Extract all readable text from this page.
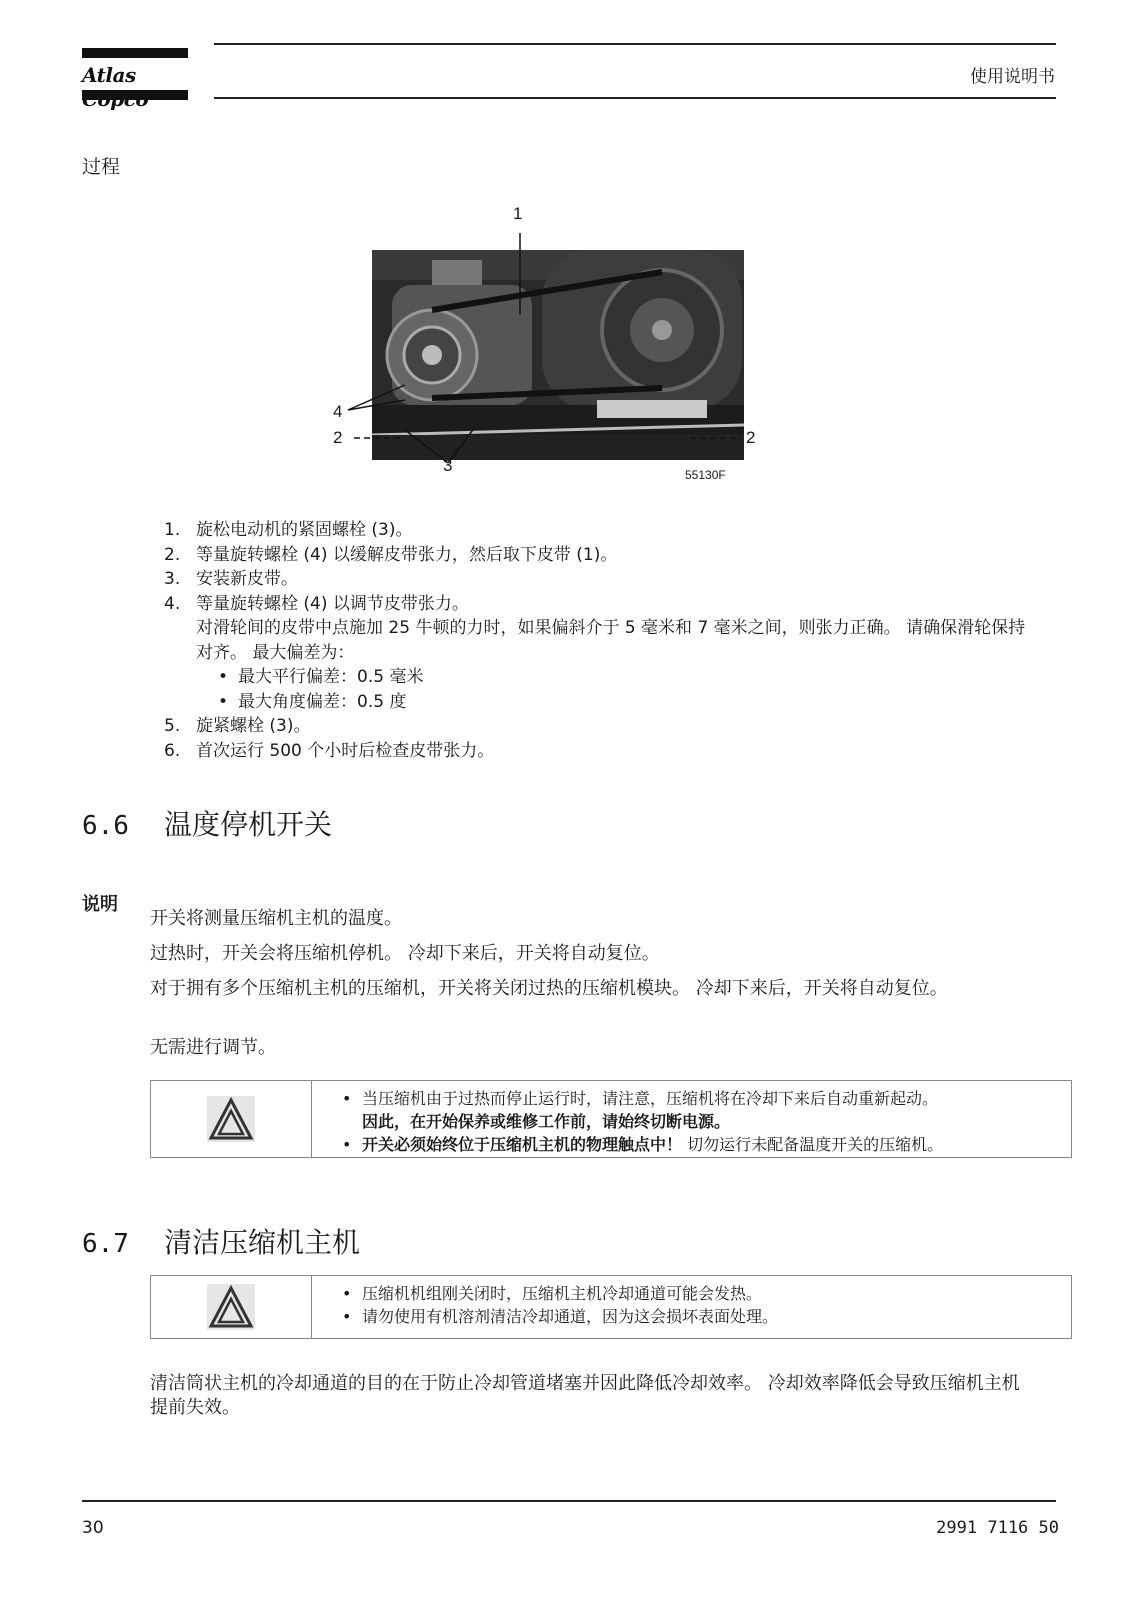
Atlas	使用说明书
过程
1
4
2	2
3	55130F
1. 旋松电动机的紧固螺栓 (3)。
2. 等量旋转螺栓 (4) 以缓解皮带张力，然后取下皮带 (1)。
3. 安装新皮带。
4. 等量旋转螺栓 (4) 以调节皮带张力。
对滑轮间的皮带中点施加 25 牛顿的力时，如果偏斜介于 5 毫米和 7 毫米之间，则张力正确。 请确保滑轮保持对齐。 最大偏差为：
• 最大平行偏差：0.5 毫米
• 最大角度偏差：0.5 度
5. 旋紧螺栓 (3)。
6. 首次运行 500 个小时后检查皮带张力。
6.6 温度停机开关
说明
开关将测量压缩机主机的温度。
过热时，开关会将压缩机停机。 冷却下来后，开关将自动复位。
对于拥有多个压缩机主机的压缩机，开关将关闭过热的压缩机模块。 冷却下来后，开关将自动复位。
无需进行调节。
• 当压缩机由于过热而停止运行时，请注意，压缩机将在冷却下来后自动重新起动。
因此，在开始保养或维修工作前，请始终切断电源。
• 开关必须始终位于压缩机主机的物理触点中！ 切勿运行未配备温度开关的压缩机。
6.7 清洁压缩机主机
• 压缩机机组刚关闭时，压缩机主机冷却通道可能会发热。
• 请勿使用有机溶剂清洁冷却通道，因为这会损坏表面处理。
清洁筒状主机的冷却通道的目的在于防止冷却管道堵塞并因此降低冷却效率。 冷却效率降低会导致压缩机主机提前失效。
30	2991 7116 50
